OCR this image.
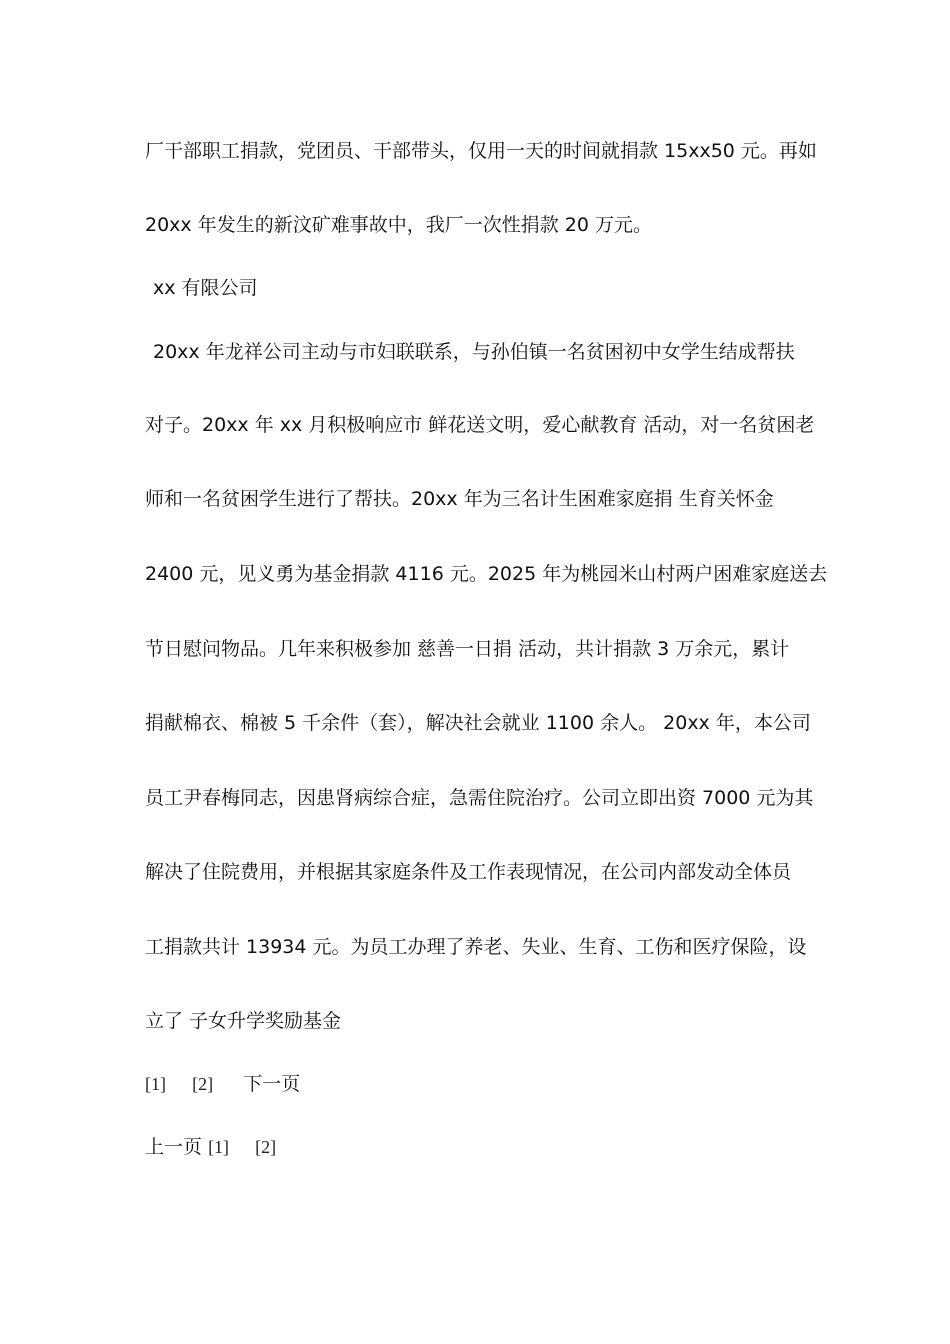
厂干部职工捐款，党团员、干部带头，仅用一天的时间就捐款 15xx50 元。再如
20xx 年发生的新汶矿难事故中，我厂一次性捐款 20 万元。
xx 有限公司
20xx 年龙祥公司主动与市妇联联系，与孙伯镇一名贫困初中女学生结成帮扶
对子。20xx 年 xx 月积极响应市 鲜花送文明，爱心献教育 活动，对一名贫困老
师和一名贫困学生进行了帮扶。20xx 年为三名计生困难家庭捐 生育关怀金
2400 元，见义勇为基金捐款 4116 元。2025 年为桃园米山村两户困难家庭送去
节日慰问物品。几年来积极参加 慈善一日捐 活动，共计捐款 3 万余元，累计
捐献棉衣、棉被 5 千余件（套），解决社会就业 1100 余人。 20xx 年，本公司
员工尹春梅同志，因患肾病综合症，急需住院治疗。公司立即出资 7000 元为其
解决了住院费用，并根据其家庭条件及工作表现情况，在公司内部发动全体员
工捐款共计 13934 元。为员工办理了养老、失业、生育、工伤和医疗保险，设
立了 子女升学奖励基金
[1] [2] 下一页
上一页 [1] [2]
